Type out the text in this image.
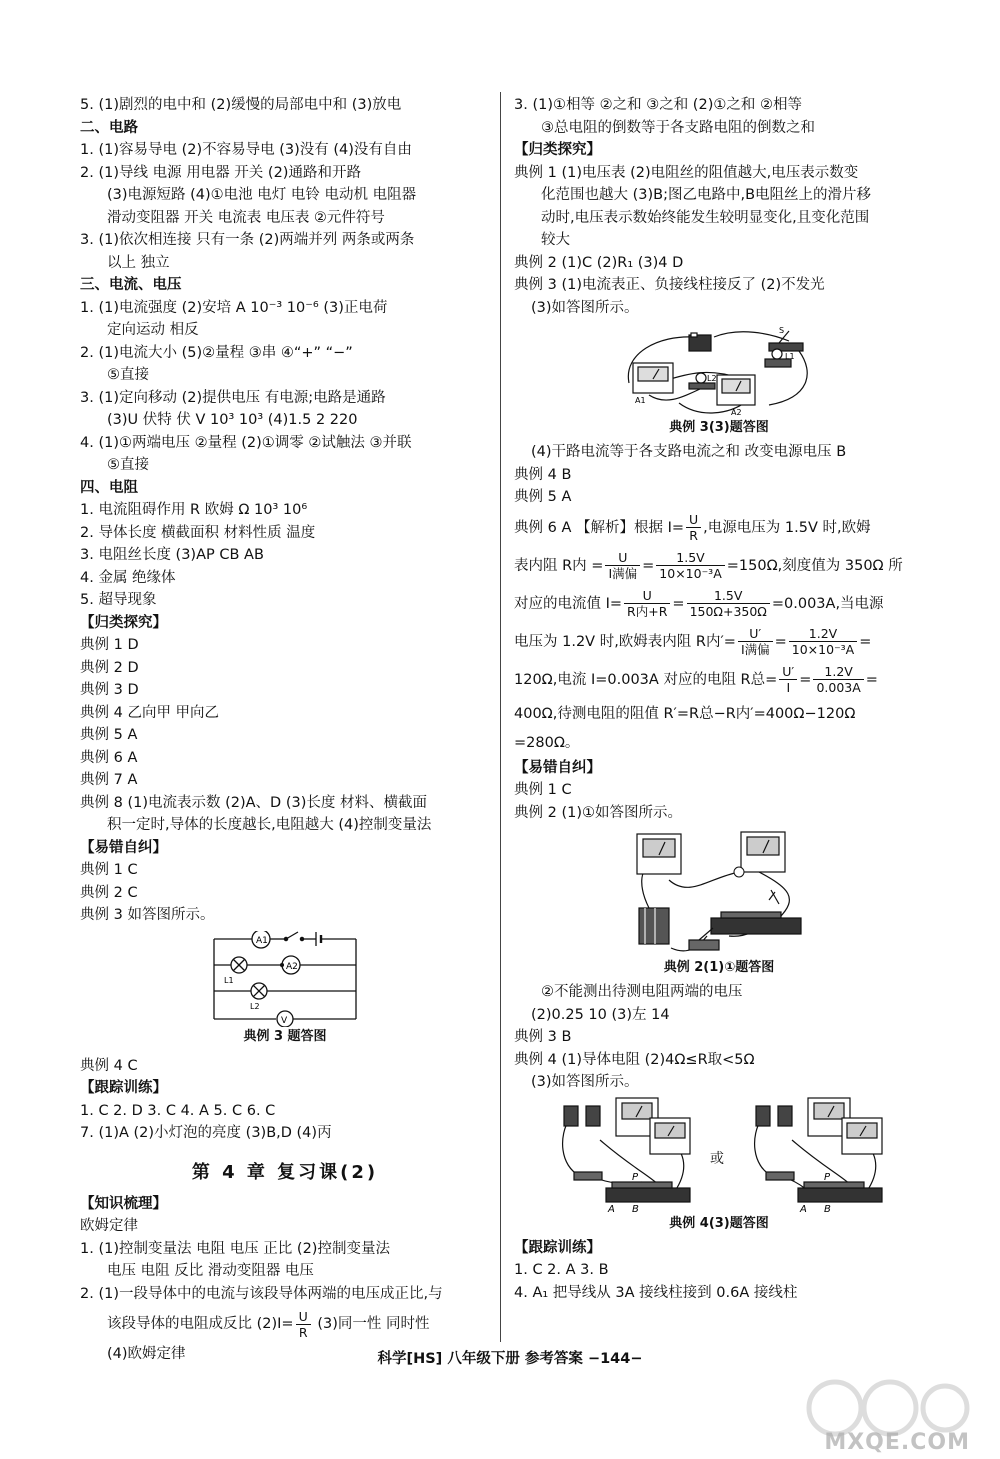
5. (1)剧烈的电中和 (2)缓慢的局部电中和 (3)放电
二、电路
1. (1)容易导电 (2)不容易导电 (3)没有 (4)没有自由
2. (1)导线 电源 用电器 开关 (2)通路和开路
(3)电源短路 (4)①电池 电灯 电铃 电动机 电阻器
滑动变阻器 开关 电流表 电压表 ②元件符号
3. (1)依次相连接 只有一条 (2)两端并列 两条或两条
以上 独立
三、电流、电压
1. (1)电流强度 (2)安培 A 10⁻³ 10⁻⁶ (3)正电荷
定向运动 相反
2. (1)电流大小 (5)②量程 ③串 ④“+” “−”
⑤直接
3. (1)定向移动 (2)提供电压 有电源;电路是通路
(3)U 伏特 伏 V 10³ 10³ (4)1.5 2 220
4. (1)①两端电压 ②量程 (2)①调零 ②试触法 ③并联
⑤直接
四、电阻
1. 电流阻碍作用 R 欧姆 Ω 10³ 10⁶
2. 导体长度 横截面积 材料性质 温度
3. 电阻丝长度 (3)AP CB AB
4. 金属 绝缘体
5. 超导现象
【归类探究】
典例 1 D
典例 2 D
典例 3 D
典例 4 乙向甲 甲向乙
典例 5 A
典例 6 A
典例 7 A
典例 8 (1)电流表示数 (2)A、D (3)长度 材料、横截面
积一定时,导体的长度越长,电阻越大 (4)控制变量法
【易错自纠】
典例 1 C
典例 2 C
典例 3 如答图所示。
A1
A2
V
L1
L2
典例 3 题答图
典例 4 C
【跟踪训练】
1. C 2. D 3. C 4. A 5. C 6. C
7. (1)A (2)小灯泡的亮度 (3)B,D (4)丙
第 4 章 复习课(2)
【知识梳理】
欧姆定律
1. (1)控制变量法 电阻 电压 正比 (2)控制变量法
电压 电阻 反比 滑动变阻器 电压
2. (1)一段导体中的电流与该段导体两端的电压成正比,与
该段导体的电阻成反比 $(2)I= \frac{U}{R} (3)$同一性 同时性
(4)欧姆定律
3. (1)①相等 ②之和 ③之和 (2)①之和 ②相等
③总电阻的倒数等于各支路电阻的倒数之和
【归类探究】
典例 1 (1)电压表 (2)电阻丝的阻值越大,电压表示数变
化范围也越大 (3)B;图乙电路中,B电阻丝上的滑片移
动时,电压表示数始终能发生较明显变化,且变化范围
较大
典例 2 (1)C (2)R₁ (3)4 D
典例 3 (1)电流表正、负接线柱接反了 (2)不发光
(3)如答图所示。
A1
A2
S
L1
L2
典例 3(3)题答图
(4)干路电流等于各支路电流之和 改变电源电压 B
典例 4 B
典例 5 A
典例 6 A 【解析】根据 $I= \frac{U}{R}$ ,电源电压为 1.5V 时,欧姆
表内阻 R内 = $\frac{U}{\text{I满偏}} = \frac{1.5V}{\text{10×10⁻³A}} =150\Omega$,刻度值为 350Ω 所
对应的电流值 $I= \frac{U}{\text{R内+R}} = \frac{1.5V}{150\Omega+350\Omega} =0.003A$,当电源
电压为 1.2V 时,欧姆表内阻 R内′= $\frac{U'}{\text{I满偏}} = \frac{1.2V}{\text{10×10⁻³A}}$ =
120Ω,电流 I=0.003A 对应的电阻 R总= $\frac{U'}{I} = \frac{1.2V}{0.003A}$ =
400Ω,待测电阻的阻值 R′=R总−R内′=400Ω−120Ω
=280Ω。
【易错自纠】
典例 1 C
典例 2 (1)①如答图所示。
典例 2(1)①题答图
②不能测出待测电阻两端的电压
(2)0.25 10 (3)左 14
典例 3 B
典例 4 (1)导体电阻 (2)4Ω≤R取<5Ω
(3)如答图所示。
P
A B
或
P
A B
典例 4(3)题答图
【跟踪训练】
1. C 2. A 3. B
4. A₁ 把导线从 3A 接线柱接到 0.6A 接线柱
科学[HS] 八年级下册 参考答案 −144−
MXQE.COM
